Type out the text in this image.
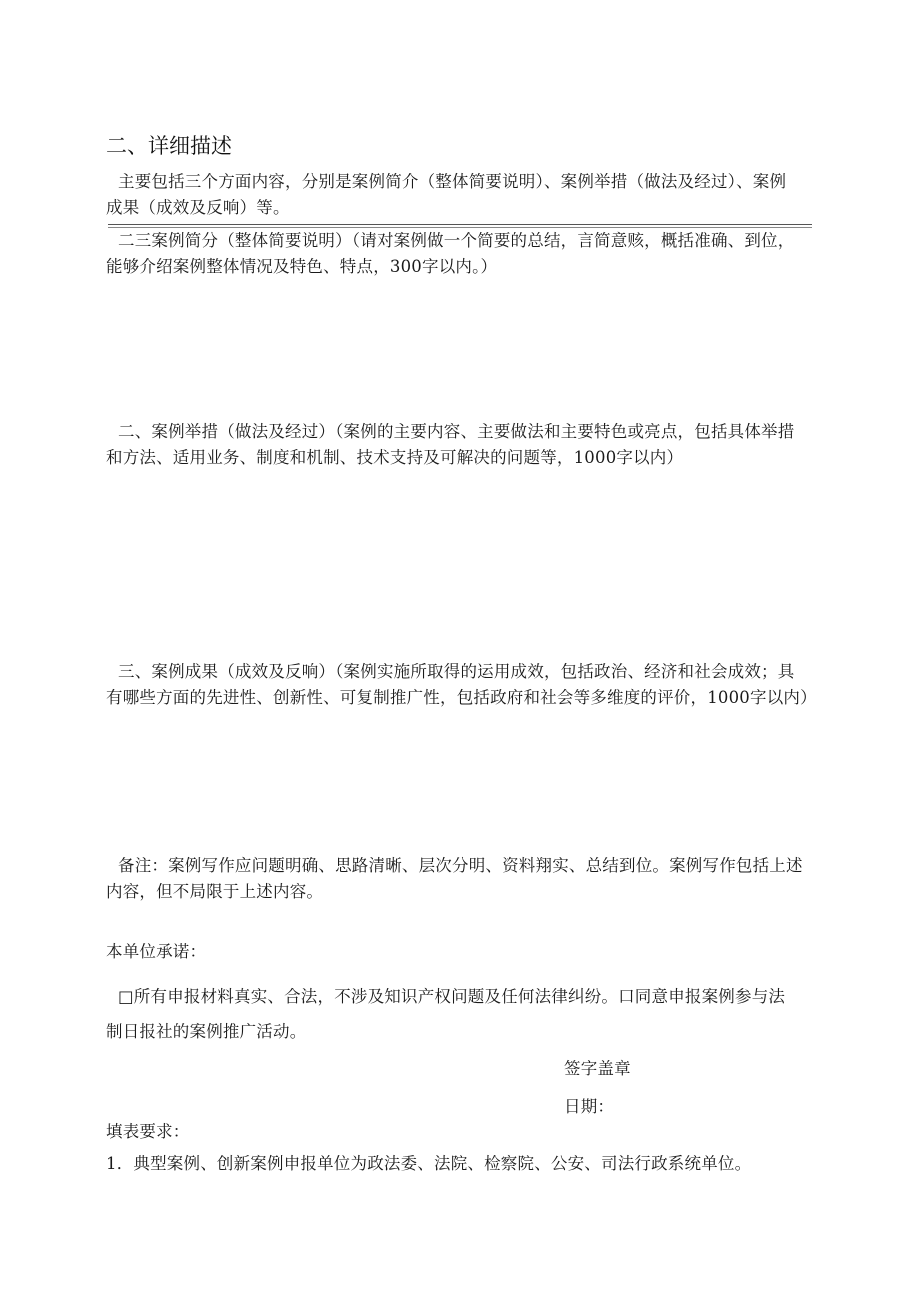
二、详细描述
主要包括三个方面内容，分别是案例简介（整体简要说明）、案例举措（做法及经过）、案例
成果（成效及反响）等。
二三案例简分（整体简要说明）（请对案例做一个简要的总结，言简意赅，概括准确、到位，
能够介绍案例整体情况及特色、特点，300字以内。）
二、案例举措（做法及经过）（案例的主要内容、主要做法和主要特色或亮点，包括具体举措
和方法、适用业务、制度和机制、技术支持及可解决的问题等，1000字以内）
三、案例成果（成效及反响）（案例实施所取得的运用成效，包括政治、经济和社会成效；具
有哪些方面的先进性、创新性、可复制推广性，包括政府和社会等多维度的评价，1000字以内）
备注：案例写作应问题明确、思路清晰、层次分明、资料翔实、总结到位。案例写作包括上述
内容，但不局限于上述内容。
本单位承诺：
□所有申报材料真实、合法，不涉及知识产权问题及任何法律纠纷。口同意申报案例参与法
制日报社的案例推广活动。
签字盖章
日期：
填表要求：
1．典型案例、创新案例申报单位为政法委、法院、检察院、公安、司法行政系统单位。
